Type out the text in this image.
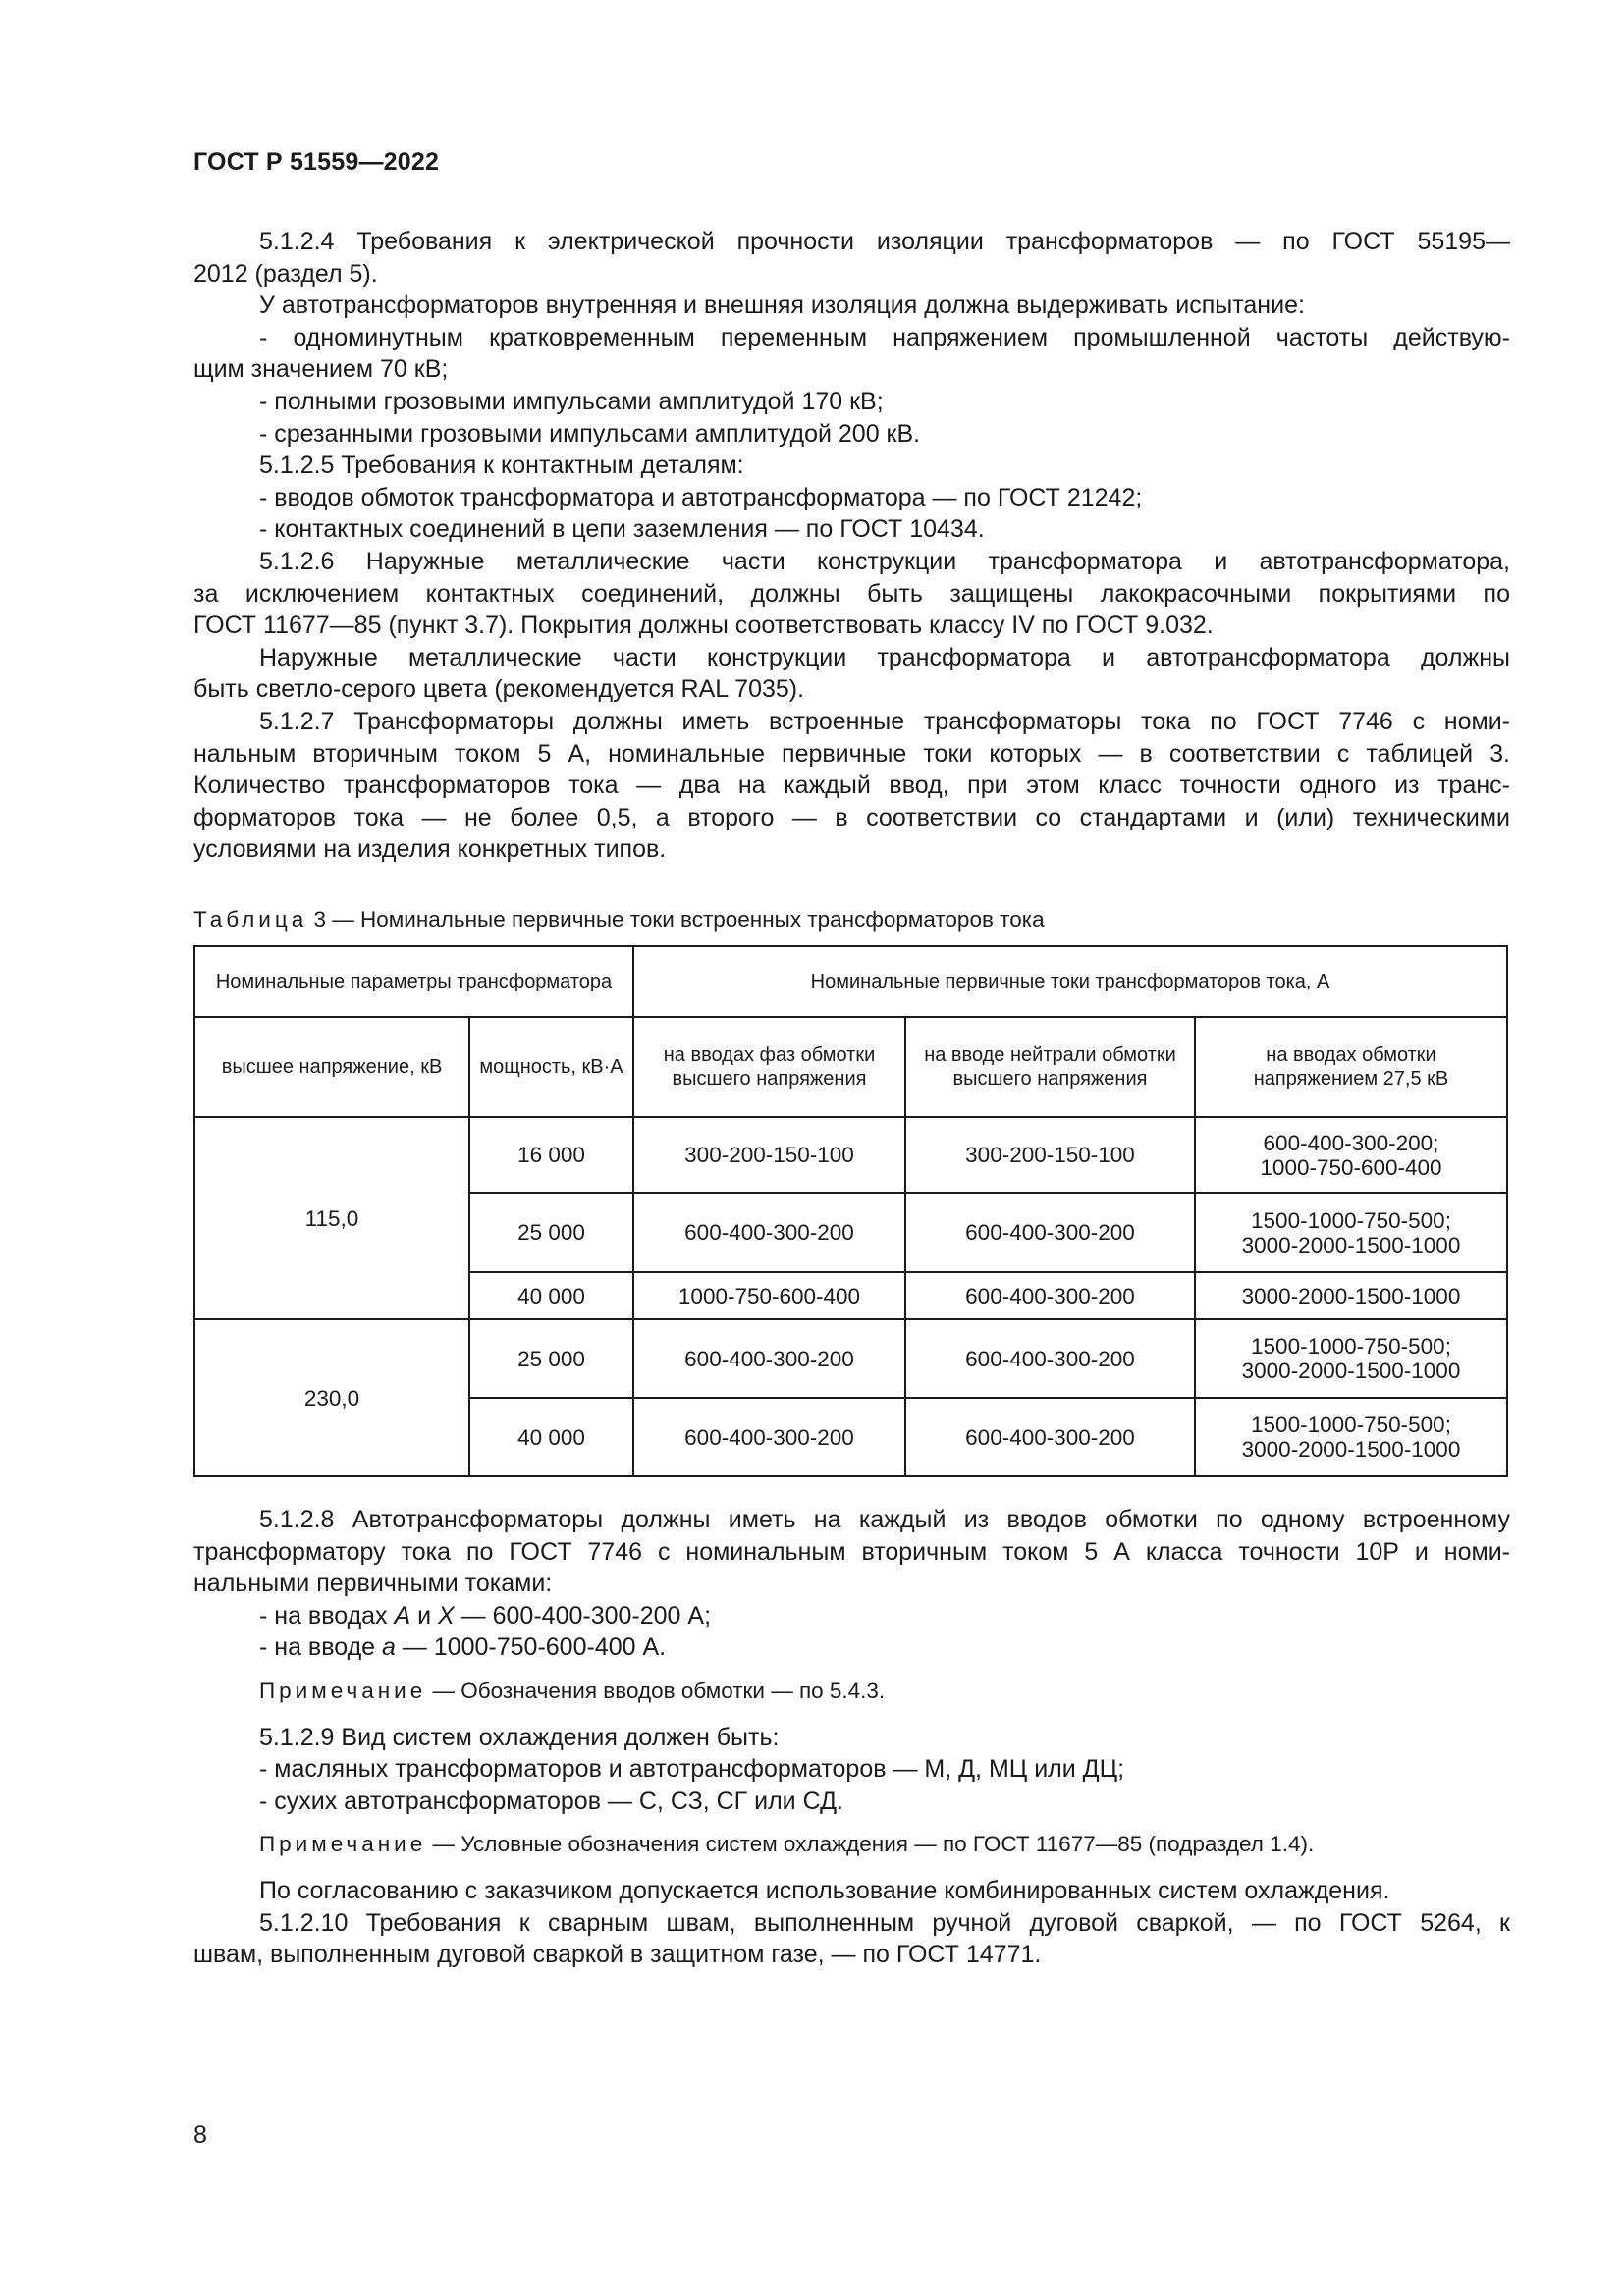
ГОСТ Р 51559—2022

5.1.2.4 Требования к электрической прочности изоляции трансформаторов — по ГОСТ 55195—
2012 (раздел 5).

У автотрансформаторов внутренняя и внешняя изоляция должна выдерживать испытание:

- одноминутным кратковременным переменным напряжением промышленной частоты действую-
щим значением 70 кВ;

- полными грозовыми импульсами амплитудой 170 кВ;

- срезанными грозовыми импульсами амплитудой 200 кВ.

5.1.2.5 Требования к контактным деталям:

- вводов обмоток трансформатора и автотрансформатора — по ГОСТ 21242;

- контактных соединений в цепи заземления — по ГОСТ 10434.

5.1.2.6 Наружные металлические части конструкции трансформатора и автотрансформатора,
за исключением контактных соединений, должны быть защищены лакокрасочными покрытиями по
ГОСТ 11677—85 (пункт 3.7). Покрытия должны соответствовать классу IV по ГОСТ 9.032.

Наружные металлические части конструкции трансформатора и автотрансформатора должны
быть светло-серого цвета (рекомендуется RAL 7035).

5.1.2.7 Трансформаторы должны иметь встроенные трансформаторы тока по ГОСТ 7746 с номи-
нальным вторичным током 5 А, номинальные первичные токи которых — в соответствии с таблицей 3.
Количество трансформаторов тока — два на каждый ввод, при этом класс точности одного из транс-
форматоров тока — не более 0,5, а второго — в соответствии со стандартами и (или) техническими
условиями на изделия конкретных типов.

Таблица 3 — Номинальные первичные токи встроенных трансформаторов тока
Номинальные параметры трансформатора		Номинальные первичные токи трансформаторов тока, А		
высшее напряжение, кВ	мощность, кВ·А	на вводах фаз обмотки высшего напряжения	на вводе нейтрали обмотки высшего напряжения	на вводах обмотки напряжением 27,5 кВ
115,0	16 000	300-200-150-100	300-200-150-100	600-400-300-200;
1000-750-600-400
	25 000	600-400-300-200	600-400-300-200	1500-1000-750-500;
3000-2000-1500-1000
	40 000	1000-750-600-400	600-400-300-200	3000-2000-1500-1000
230,0	25 000	600-400-300-200	600-400-300-200	1500-1000-750-500;
3000-2000-1500-1000
	40 000	600-400-300-200	600-400-300-200	1500-1000-750-500;
3000-2000-1500-1000

5.1.2.8 Автотрансформаторы должны иметь на каждый из вводов обмотки по одному встроенному
трансформатору тока по ГОСТ 7746 с номинальным вторичным током 5 А класса точности 10Р и номи-
нальными первичными токами:

- на вводах А и Х — 600-400-300-200 А;

- на вводе а — 1000-750-600-400 А.

Примечание — Обозначения вводов обмотки — по 5.4.3.

5.1.2.9 Вид систем охлаждения должен быть:

- масляных трансформаторов и автотрансформаторов — М, Д, МЦ или ДЦ;

- сухих автотрансформаторов — С, СЗ, СГ или СД.

Примечание — Условные обозначения систем охлаждения — по ГОСТ 11677—85 (подраздел 1.4).

По согласованию с заказчиком допускается использование комбинированных систем охлаждения.

5.1.2.10 Требования к сварным швам, выполненным ручной дуговой сваркой, — по ГОСТ 5264, к
швам, выполненным дуговой сваркой в защитном газе, — по ГОСТ 14771.

8
